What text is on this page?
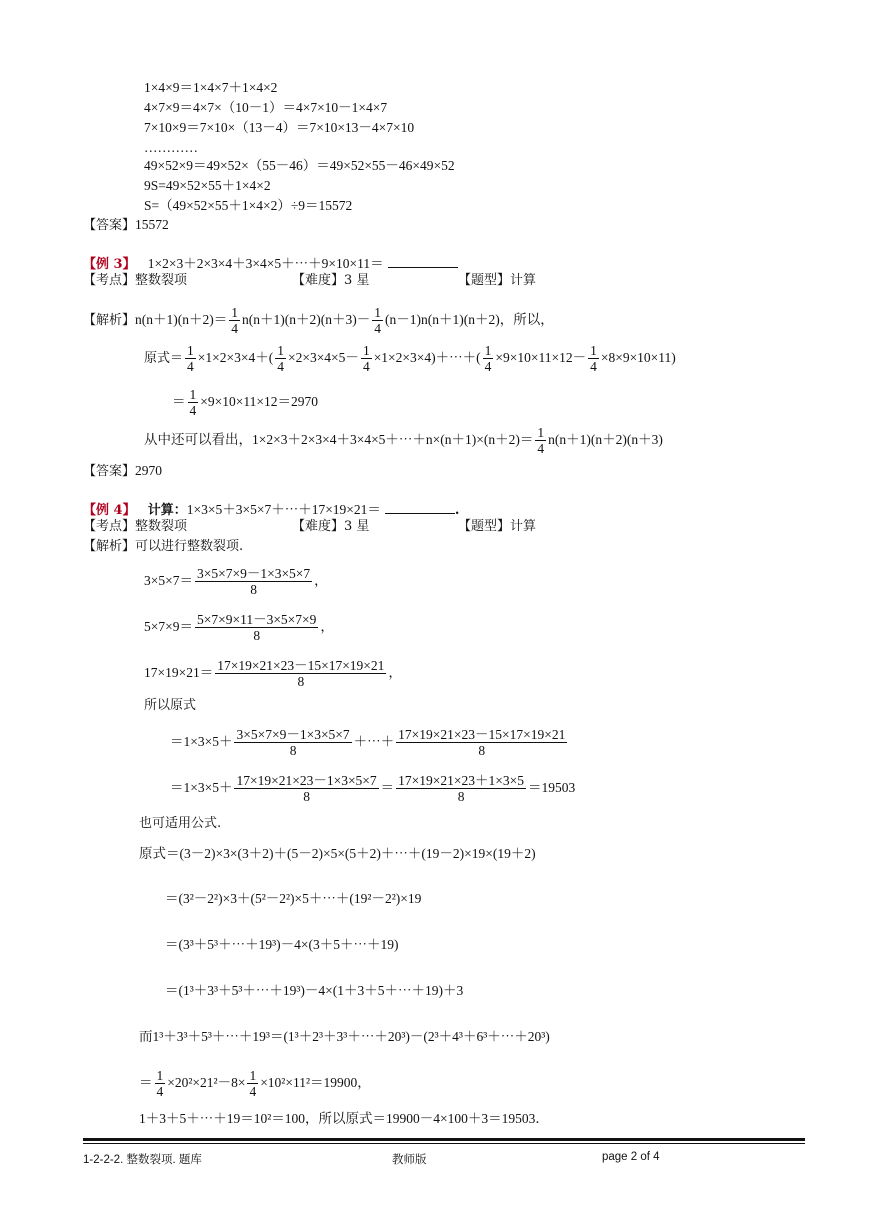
1×4×9＝1×4×7＋1×4×2
4×7×9＝4×7×（10－1）＝4×7×10－1×4×7
7×10×9＝7×10×（13－4）＝7×10×13－4×7×10
…………
49×52×9＝49×52×（55－46）＝49×52×55－46×49×52
9S=49×52×55＋1×4×2
S=（49×52×55＋1×4×2）÷9＝15572
【答案】15572
【例 3】 1×2×3＋2×3×4＋3×4×5＋⋯＋9×10×11＝
【考点】整数裂项	【难度】3 星	【题型】计算
【解析】$n(n+1)(n+2)= \frac{1}{4} n(n+1)(n+2)(n+3)- \frac{1}{4} (n-1)n(n+1)(n+2)$，所以，
原式＝ $\frac{1}{4} \times 1\times 2\times 3\times 4+( \frac{1}{4} \times 2\times 3\times 4\times 5- \frac{1}{4}$ ×1×2×3×4)＋⋯＋( $\frac{1}{4} \times 9\times 10\times 11\times 12- \frac{1}{4} \times 8\times 9\times 10\times 11$)
＝ $\frac{1}{4} \times 9\times 10\times 11\times 12=2970$
从中还可以看出，1×2×3＋2×3×4＋3×4×5＋⋯＋n×(n＋1)×(n＋2)＝ $\frac{1}{4} n(n+1)(n+2)(n+3)$
【答案】2970
【例 4】 计算：1×3×5＋3×5×7＋⋯＋17×19×21＝	.
【考点】整数裂项	【难度】3 星	【题型】计算
【解析】可以进行整数裂项.
$3\times 5\times 7= \frac{3\times 5\times 7\times 9-1\times 3\times 5\times 7}{8}$ ，
$5\times 7\times 9= \frac{5\times 7\times 9\times 11-3\times 5\times 7\times 9}{8}$ ，
$17\times 19\times 21= \frac{17\times 19\times 21\times 23-15\times 17\times 19\times 21}{8}$ ，
所以原式
$=1\times 3\times 5+ \frac{3\times 5\times 7\times 9-1\times 3\times 5\times 7}{8}$ ＋⋯＋ $\frac{17\times 19\times 21\times 23-15\times 17\times 19\times 21}{8}$
$=1\times 3\times 5+ \frac{17\times 19\times 21\times 23-1\times 3\times 5\times 7}{8} = \frac{17\times 19\times 21\times 23+1\times 3\times 5}{8} =19503$
也可适用公式.
原式＝(3－2)×3×(3＋2)＋(5－2)×5×(5＋2)＋⋯＋(19－2)×19×(19＋2)
＝(3²－2²)×3＋(5²－2²)×5＋⋯＋(19²－2²)×19
＝(3³＋5³＋⋯＋19³)－4×(3＋5＋⋯＋19)
＝(1³＋3³＋5³＋⋯＋19³)－4×(1＋3＋5＋⋯＋19)＋3
而1³＋3³＋5³＋⋯＋19³＝(1³＋2³＋3³＋⋯＋20³)－(2³＋4³＋6³＋⋯＋20³)
＝ $\frac{1}{4} \times 20^2\times 21^2-8\times \frac{1}{4} \times 10^2\times 11^2=19900$，
1＋3＋5＋⋯＋19＝10²＝100，所以原式＝19900－4×100＋3＝19503．
1-2-2-2. 整数裂项. 题库	教师版	page 2 of 4
